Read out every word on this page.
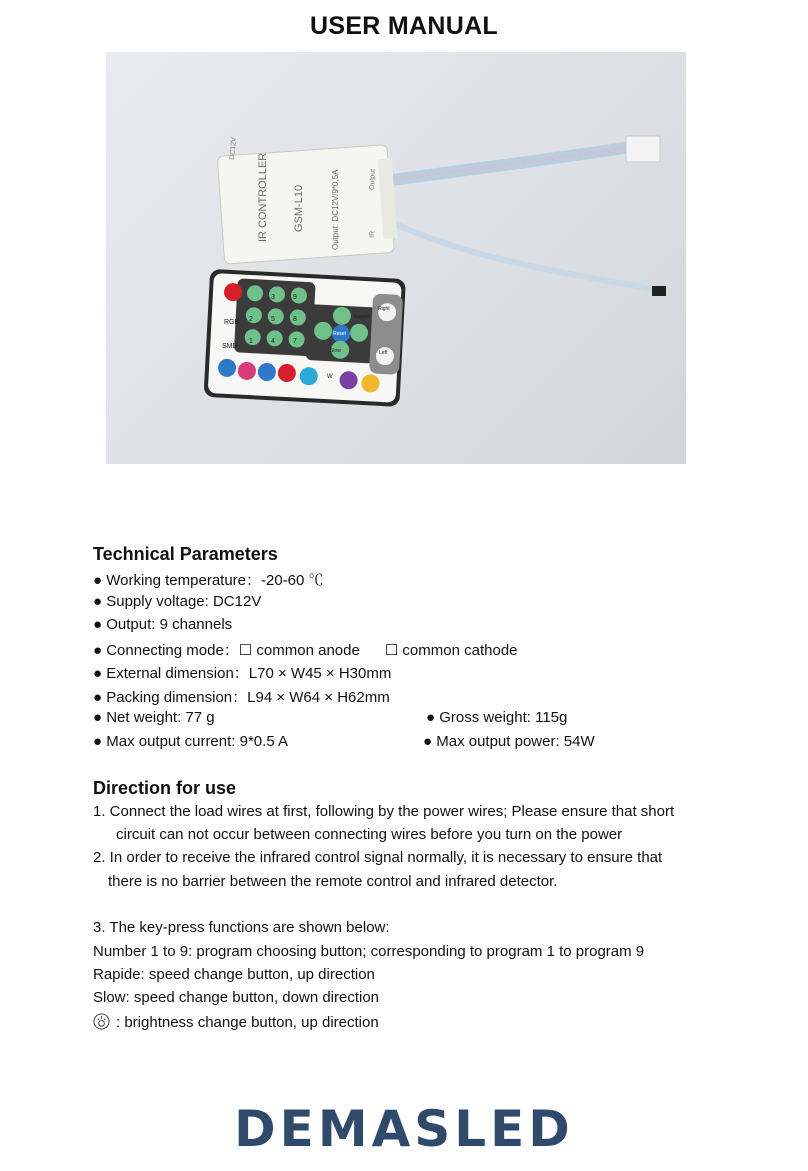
USER MANUAL
IR CONTROLLER GSM-L10	Output: DC12V/9*0.5A
DC12V
Output
IR
RGB
SMD
3	9
2	5	8
1	4	7
Rapide
Reset
Slow
W
Right
Left
Technical Parameters
● Working temperature：-20-60 ℃
● Supply voltage: DC12V
● Output: 9 channels
● Connecting mode：☐ common anode      ☐ common cathode
● External dimension：L70 × W45 × H30mm
● Packing dimension：L94 × W64 × H62mm
● Net weight: 77 g	● Gross weight: 115g
● Max output current: 9*0.5 A	● Max output power: 54W
Direction for use
1. Connect the load wires at first, following by the power wires; Please ensure that short
circuit can not occur between connecting wires before you turn on the power
2. In order to receive the infrared control signal normally, it is necessary to ensure that
there is no barrier between the remote control and infrared detector.
3. The key-press functions are shown below:
Number 1 to 9: program choosing button; corresponding to program 1 to program 9
Rapide: speed change button, up direction
Slow: speed change button, down direction
: brightness change button, up direction
DEMASLED
